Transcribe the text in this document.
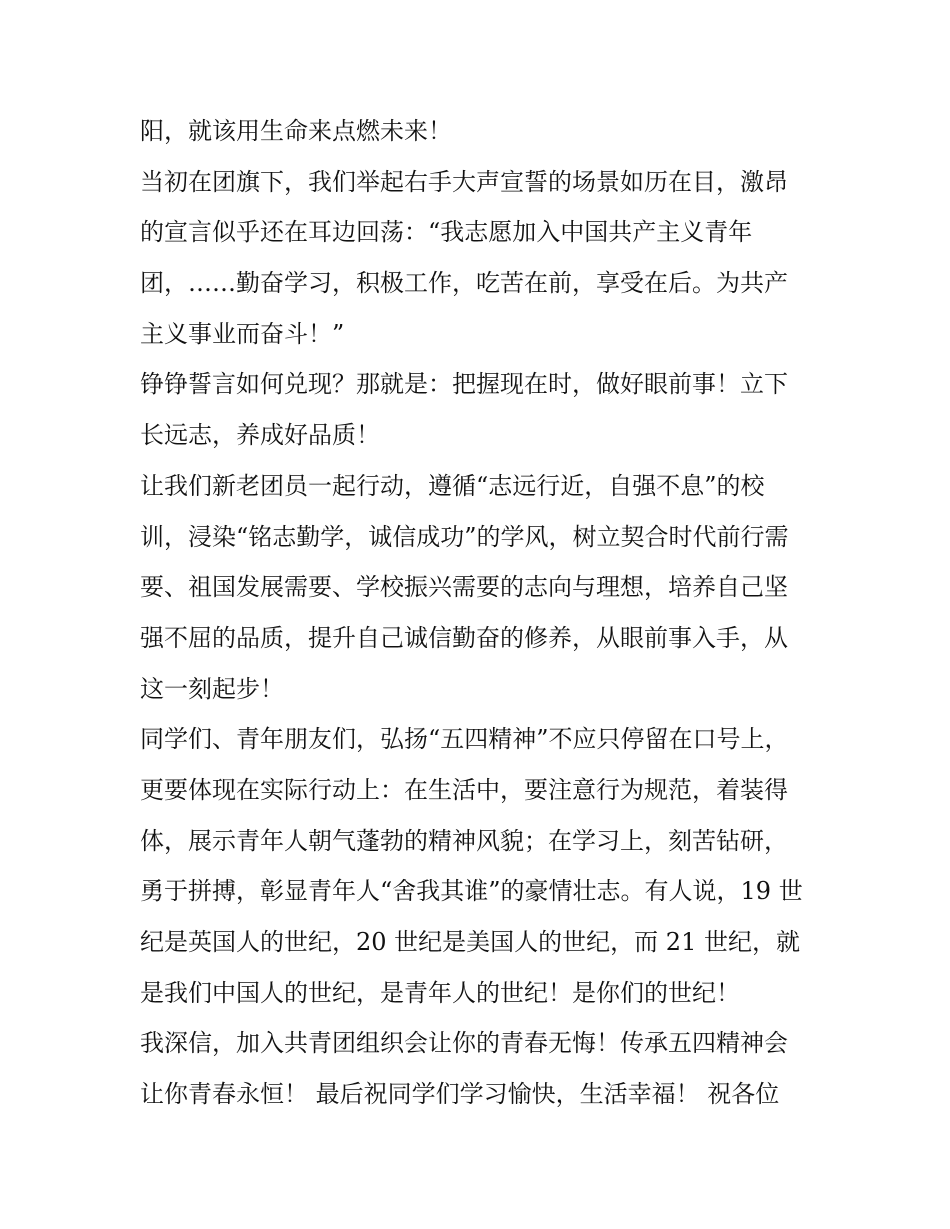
阳，就该用生命来点燃未来！
当初在团旗下，我们举起右手大声宣誓的场景如历在目，激昂
的宣言似乎还在耳边回荡：“我志愿加入中国共产主义青年
团，……勤奋学习，积极工作，吃苦在前，享受在后。为共产
主义事业而奋斗！”
铮铮誓言如何兑现？那就是：把握现在时，做好眼前事！立下
长远志，养成好品质！
让我们新老团员一起行动，遵循“志远行近，自强不息”的校
训，浸染“铭志勤学，诚信成功”的学风，树立契合时代前行需
要、祖国发展需要、学校振兴需要的志向与理想，培养自己坚
强不屈的品质，提升自己诚信勤奋的修养，从眼前事入手，从
这一刻起步！
同学们、青年朋友们，弘扬“五四精神”不应只停留在口号上，
更要体现在实际行动上：在生活中，要注意行为规范，着装得
体，展示青年人朝气蓬勃的精神风貌；在学习上，刻苦钻研，
勇于拼搏，彰显青年人“舍我其谁”的豪情壮志。有人说，19 世
纪是英国人的世纪，20 世纪是美国人的世纪，而 21 世纪，就
是我们中国人的世纪，是青年人的世纪！是你们的世纪！
我深信，加入共青团组织会让你的青春无悔！传承五四精神会
让你青春永恒！ 最后祝同学们学习愉快，生活幸福！ 祝各位
